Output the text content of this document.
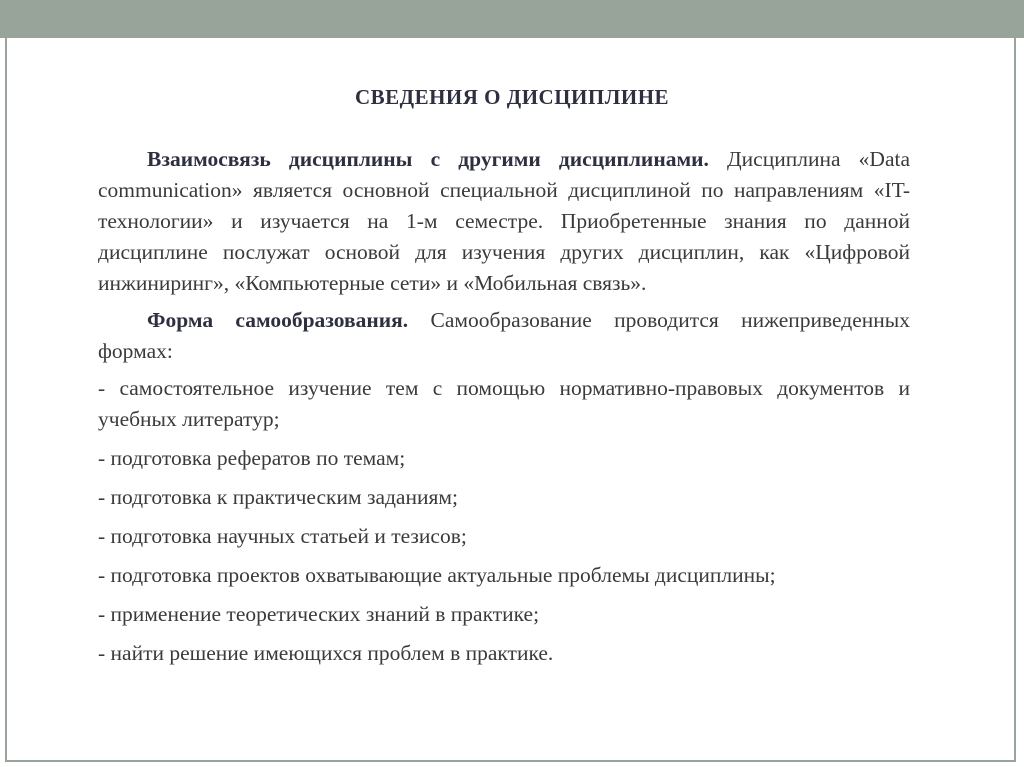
СВЕДЕНИЯ О ДИСЦИПЛИНЕ

Взаимосвязь дисциплины с другими дисциплинами. Дисциплина «Data communication» является основной специальной дисциплиной по направлениям «IT-технологии» и изучается на 1-м семестре. Приобретенные знания по данной дисциплине послужат основой для изучения других дисциплин, как «Цифровой инжиниринг», «Компьютерные сети» и «Мобильная связь».

Форма самообразования. Самообразование проводится нижеприведенных формах:

- самостоятельное изучение тем с помощью нормативно-правовых документов и учебных литератур;
- подготовка рефератов по темам;
- подготовка к практическим заданиям;
- подготовка научных статьей и тезисов;
- подготовка проектов охватывающие актуальные проблемы дисциплины;
- применение теоретических знаний в практике;
- найти решение имеющихся проблем в практике.
